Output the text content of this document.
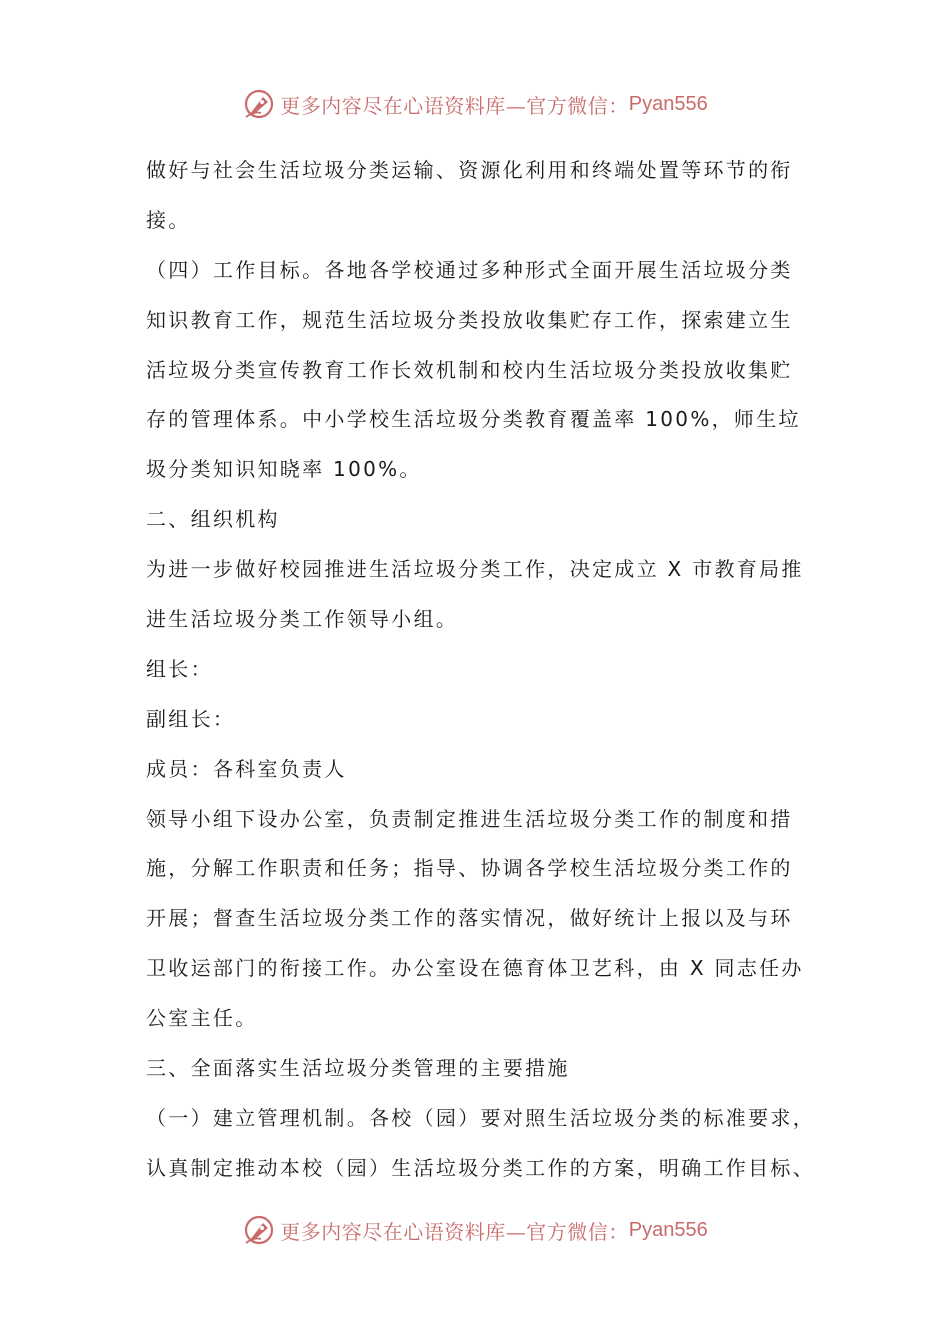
更多内容尽在心语资料库—官方微信： Pyan556
做好与社会生活垃圾分类运输、资源化利用和终端处置等环节的衔
接。
（四）工作目标。各地各学校通过多种形式全面开展生活垃圾分类
知识教育工作，规范生活垃圾分类投放收集贮存工作，探索建立生
活垃圾分类宣传教育工作长效机制和校内生活垃圾分类投放收集贮
存的管理体系。中小学校生活垃圾分类教育覆盖率 100%，师生垃
圾分类知识知晓率 100%。
二、组织机构
为进一步做好校园推进生活垃圾分类工作，决定成立 X 市教育局推
进生活垃圾分类工作领导小组。
组长：
副组长：
成员：各科室负责人
领导小组下设办公室，负责制定推进生活垃圾分类工作的制度和措
施，分解工作职责和任务；指导、协调各学校生活垃圾分类工作的
开展；督查生活垃圾分类工作的落实情况，做好统计上报以及与环
卫收运部门的衔接工作。办公室设在德育体卫艺科，由 X 同志任办
公室主任。
三、全面落实生活垃圾分类管理的主要措施
（一）建立管理机制。各校（园）要对照生活垃圾分类的标准要求，
认真制定推动本校（园）生活垃圾分类工作的方案，明确工作目标、
更多内容尽在心语资料库—官方微信： Pyan556
